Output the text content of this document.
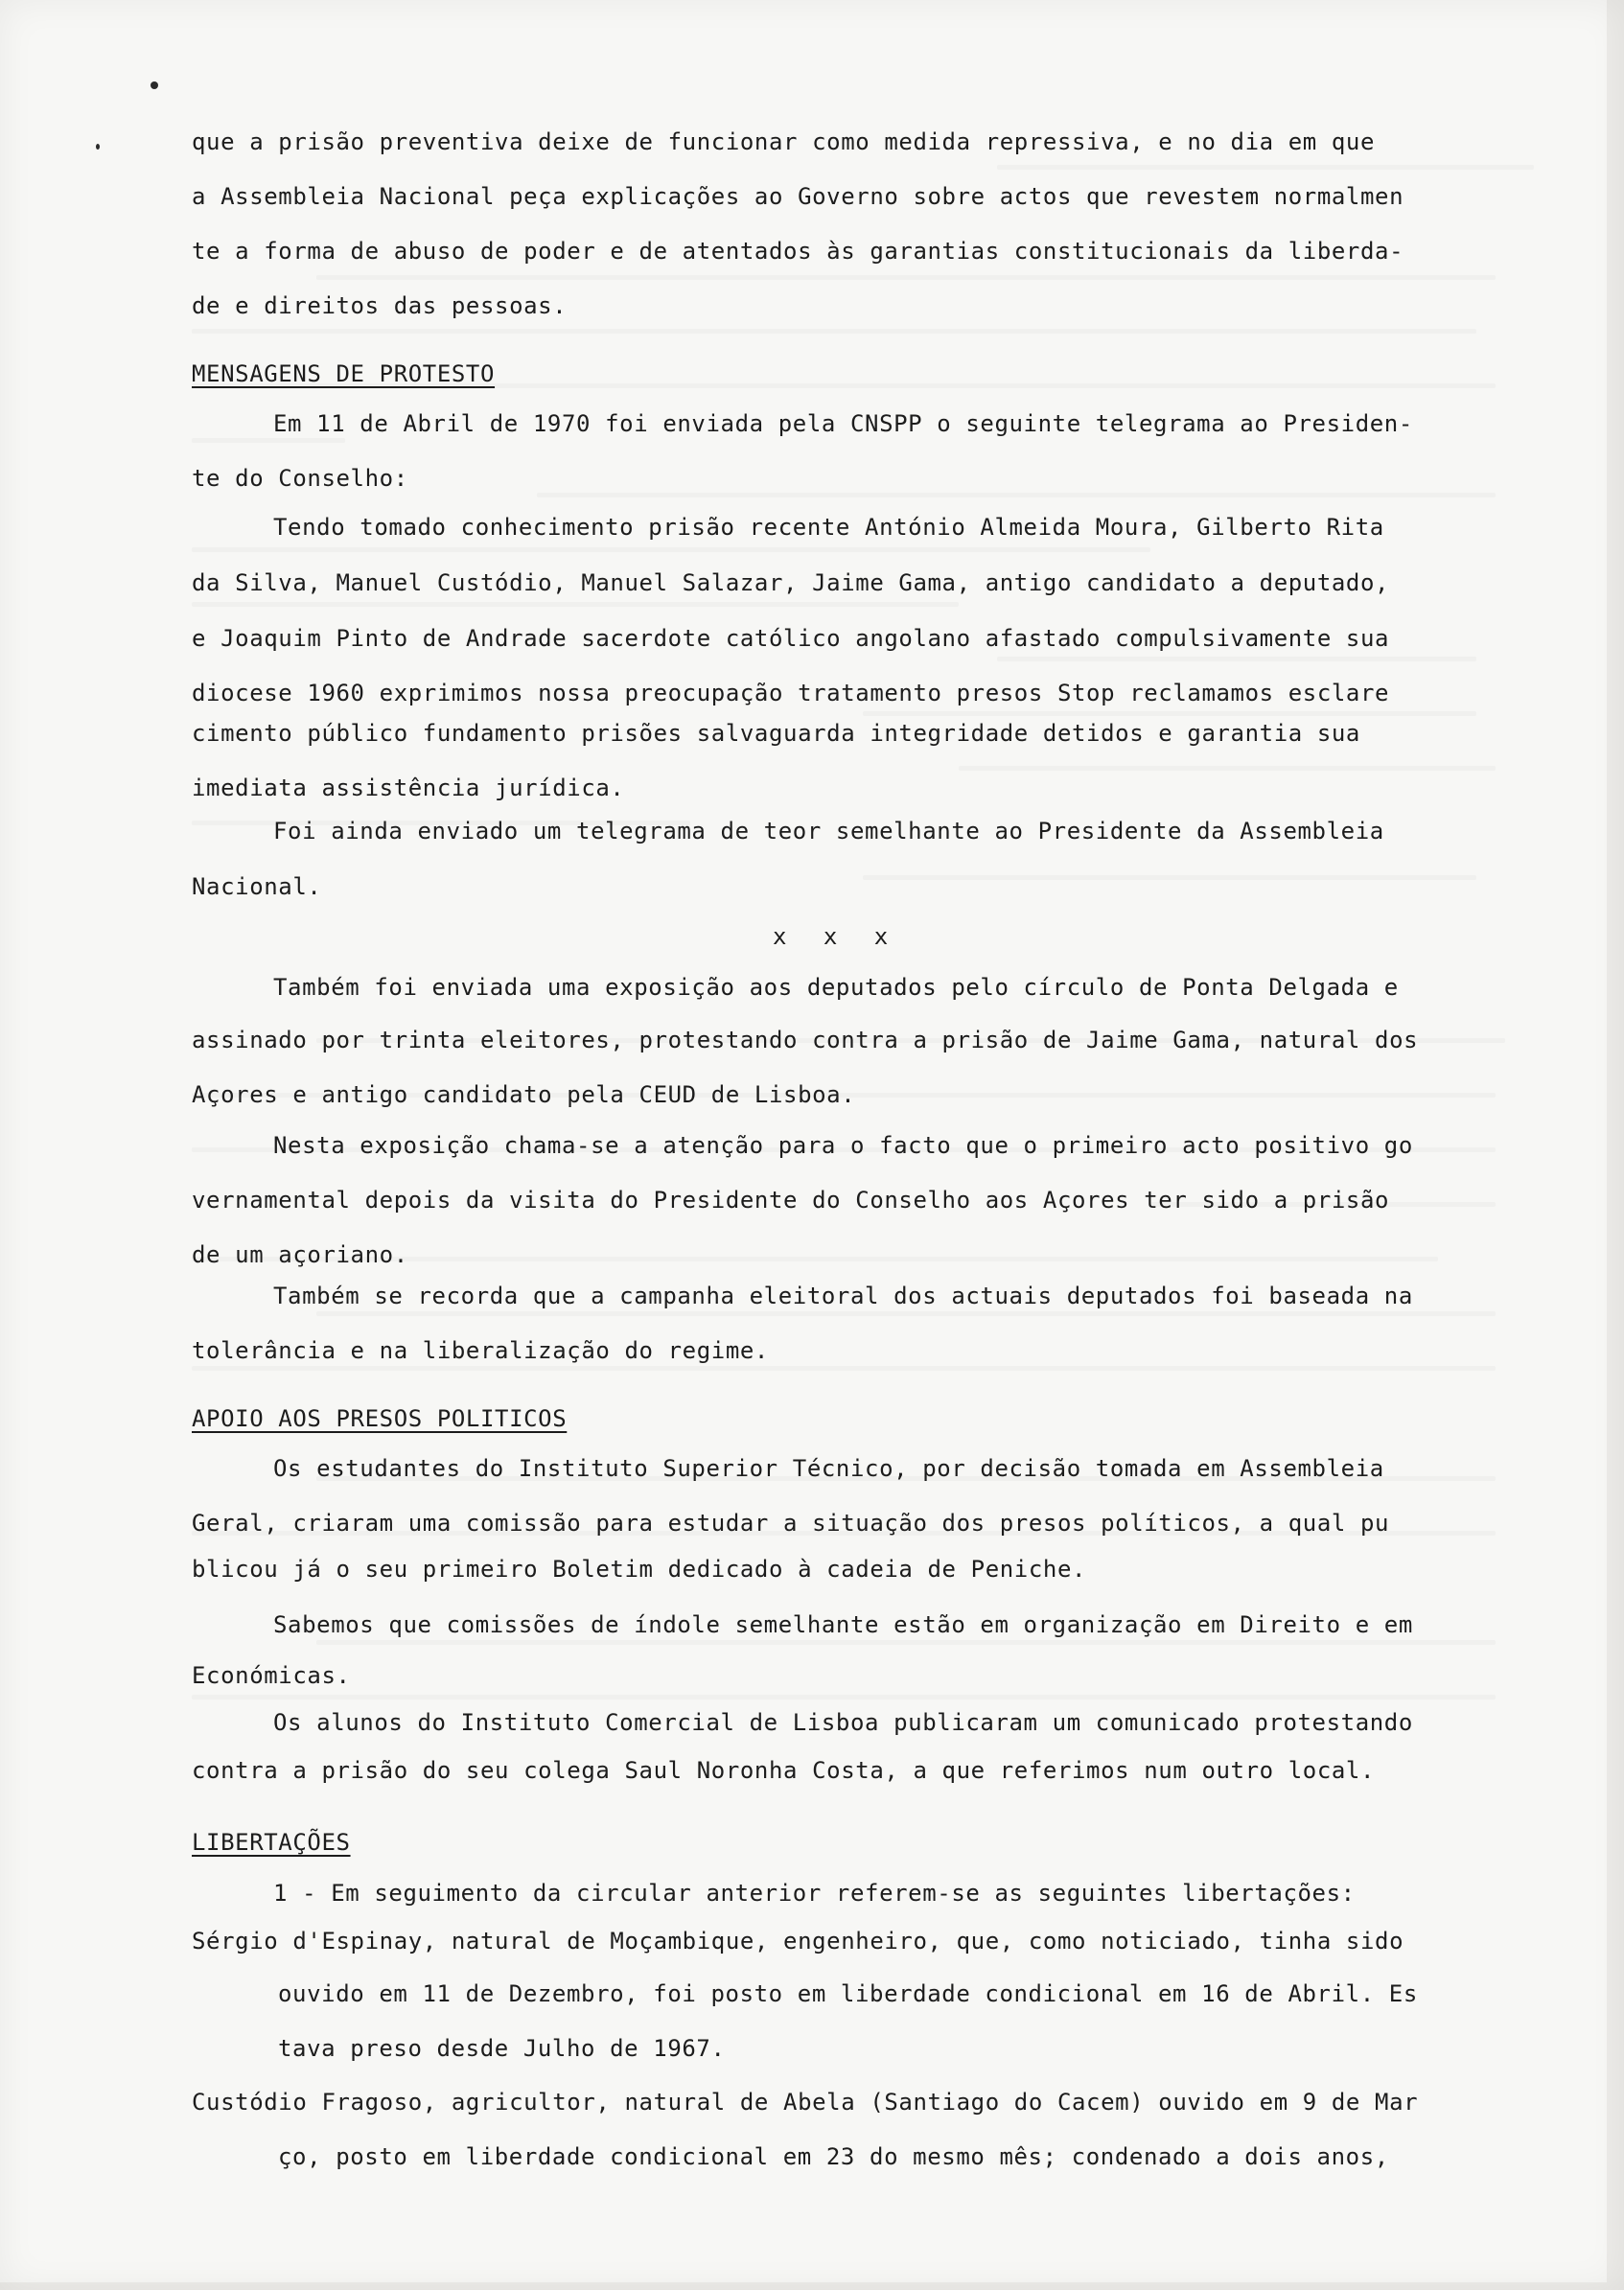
que a prisão preventiva deixe de funcionar como medida repressiva, e no dia em que
a Assembleia Nacional peça explicações ao Governo sobre actos que revestem normalmen
te a forma de abuso de poder e de atentados às garantias constitucionais da liberda-
de e direitos das pessoas.
MENSAGENS DE PROTESTO
Em 11 de Abril de 1970 foi enviada pela CNSPP o seguinte telegrama ao Presiden-
te do Conselho:
Tendo tomado conhecimento prisão recente António Almeida Moura, Gilberto Rita
da Silva, Manuel Custódio, Manuel Salazar, Jaime Gama, antigo candidato a deputado,
e Joaquim Pinto de Andrade sacerdote católico angolano afastado compulsivamente sua
diocese 1960 exprimimos nossa preocupação tratamento presos Stop reclamamos esclare
cimento público fundamento prisões salvaguarda integridade detidos e garantia sua
imediata assistência jurídica.
Foi ainda enviado um telegrama de teor semelhante ao Presidente da Assembleia
Nacional.
x x x
Também foi enviada uma exposição aos deputados pelo círculo de Ponta Delgada e
assinado por trinta eleitores, protestando contra a prisão de Jaime Gama, natural dos
Açores e antigo candidato pela CEUD de Lisboa.
Nesta exposição chama-se a atenção para o facto que o primeiro acto positivo go
vernamental depois da visita do Presidente do Conselho aos Açores ter sido a prisão
de um açoriano.
Também se recorda que a campanha eleitoral dos actuais deputados foi baseada na
tolerância e na liberalização do regime.
APOIO AOS PRESOS POLITICOS
Os estudantes do Instituto Superior Técnico, por decisão tomada em Assembleia
Geral, criaram uma comissão para estudar a situação dos presos políticos, a qual pu
blicou já o seu primeiro Boletim dedicado à cadeia de Peniche.
Sabemos que comissões de índole semelhante estão em organização em Direito e em
Económicas.
Os alunos do Instituto Comercial de Lisboa publicaram um comunicado protestando
contra a prisão do seu colega Saul Noronha Costa, a que referimos num outro local.
LIBERTAÇÕES
1 - Em seguimento da circular anterior referem-se as seguintes libertações:
Sérgio d'Espinay, natural de Moçambique, engenheiro, que, como noticiado, tinha sido
ouvido em 11 de Dezembro, foi posto em liberdade condicional em 16 de Abril. Es
tava preso desde Julho de 1967.
Custódio Fragoso, agricultor, natural de Abela (Santiago do Cacem) ouvido em 9 de Mar
ço, posto em liberdade condicional em 23 do mesmo mês; condenado a dois anos,
